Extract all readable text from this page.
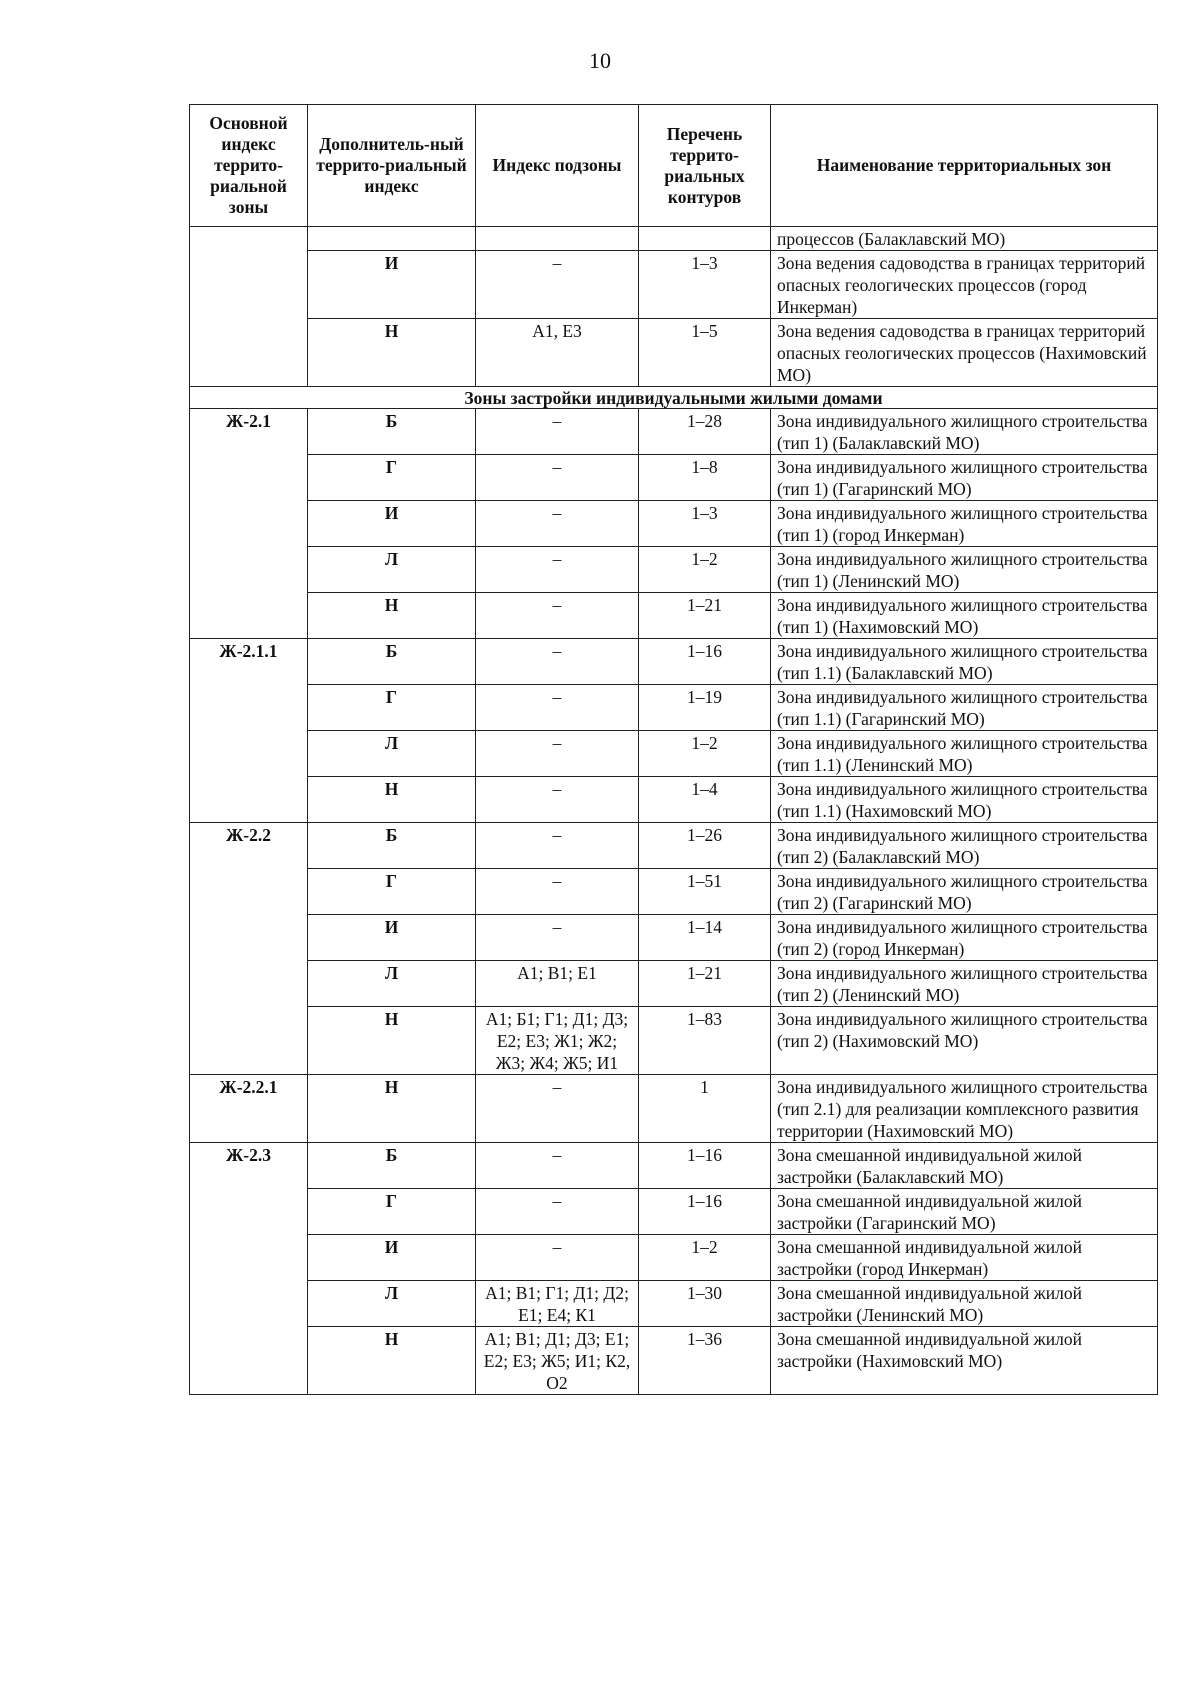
10
Основной индекс террито-риальной зоны	Дополнитель-ный террито-риальный индекс	Индекс подзоны	Перечень террито-риальных контуров	Наименование территориальных зон
				процессов (Балаклавский МО)
	И	–	1–3	Зона ведения садоводства в границах территорий опасных геологических процессов (город Инкерман)
	Н	А1, Е3	1–5	Зона ведения садоводства в границах территорий опасных геологических процессов (Нахимовский МО)
Зоны застройки индивидуальными жилыми домами				
Ж-2.1	Б	–	1–28	Зона индивидуального жилищного строительства (тип 1) (Балаклавский МО)
	Г	–	1–8	Зона индивидуального жилищного строительства (тип 1) (Гагаринский МО)
	И	–	1–3	Зона индивидуального жилищного строительства (тип 1) (город Инкерман)
	Л	–	1–2	Зона индивидуального жилищного строительства (тип 1) (Ленинский МО)
	Н	–	1–21	Зона индивидуального жилищного строительства (тип 1) (Нахимовский МО)
Ж-2.1.1	Б	–	1–16	Зона индивидуального жилищного строительства (тип 1.1) (Балаклавский МО)
	Г	–	1–19	Зона индивидуального жилищного строительства (тип 1.1) (Гагаринский МО)
	Л	–	1–2	Зона индивидуального жилищного строительства (тип 1.1) (Ленинский МО)
	Н	–	1–4	Зона индивидуального жилищного строительства (тип 1.1) (Нахимовский МО)
Ж-2.2	Б	–	1–26	Зона индивидуального жилищного строительства (тип 2) (Балаклавский МО)
	Г	–	1–51	Зона индивидуального жилищного строительства (тип 2) (Гагаринский МО)
	И	–	1–14	Зона индивидуального жилищного строительства (тип 2) (город Инкерман)
	Л	А1; В1; Е1	1–21	Зона индивидуального жилищного строительства (тип 2) (Ленинский МО)
	Н	А1; Б1; Г1; Д1; Д3; Е2; Е3; Ж1; Ж2; Ж3; Ж4; Ж5; И1	1–83	Зона индивидуального жилищного строительства (тип 2) (Нахимовский МО)
Ж-2.2.1	Н	–	1	Зона индивидуального жилищного строительства (тип 2.1) для реализации комплексного развития территории (Нахимовский МО)
Ж-2.3	Б	–	1–16	Зона смешанной индивидуальной жилой застройки (Балаклавский МО)
	Г	–	1–16	Зона смешанной индивидуальной жилой застройки (Гагаринский МО)
	И	–	1–2	Зона смешанной индивидуальной жилой застройки (город Инкерман)
	Л	А1; В1; Г1; Д1; Д2; Е1; Е4; К1	1–30	Зона смешанной индивидуальной жилой застройки (Ленинский МО)
	Н	А1; В1; Д1; Д3; Е1; Е2; Е3; Ж5; И1; К2, О2	1–36	Зона смешанной индивидуальной жилой застройки (Нахимовский МО)
